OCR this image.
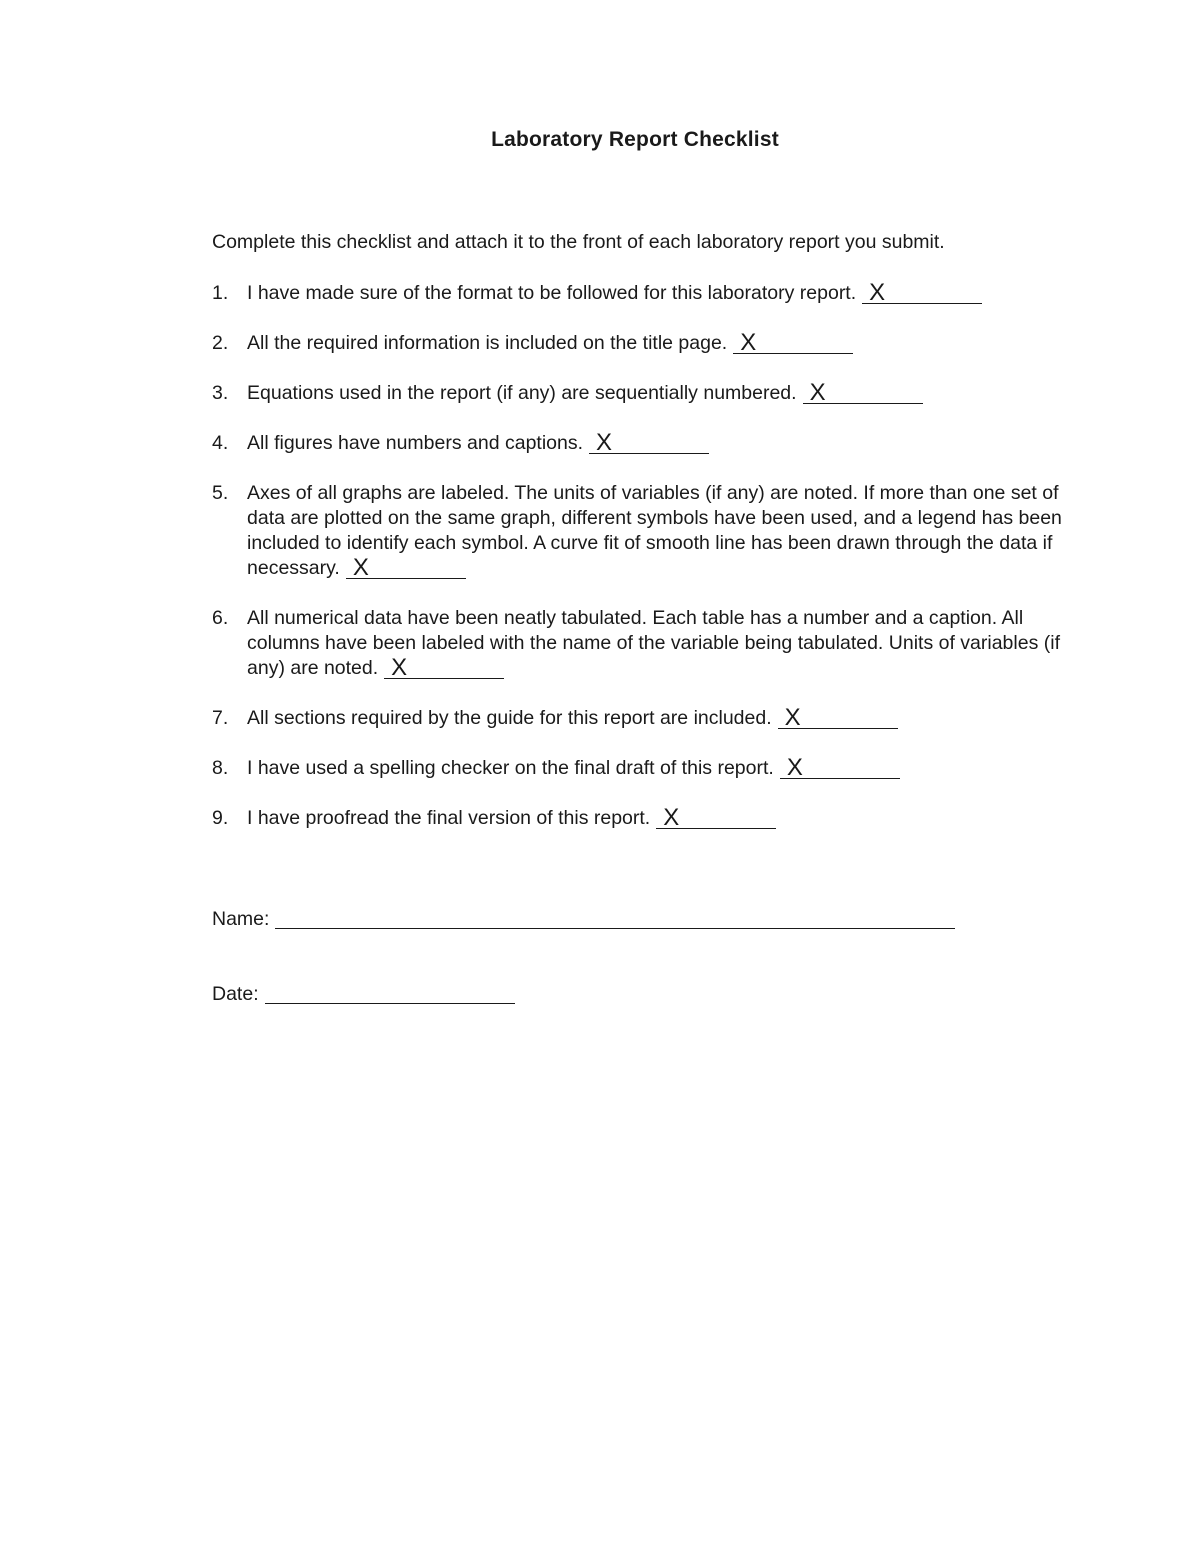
Laboratory Report Checklist
Complete this checklist and attach it to the front of each laboratory report you submit.
1. I have made sure of the format to be followed for this laboratory report. X
2. All the required information is included on the title page. X
3. Equations used in the report (if any) are sequentially numbered. X
4. All figures have numbers and captions. X
5. Axes of all graphs are labeled. The units of variables (if any) are noted. If more than one set of data are plotted on the same graph, different symbols have been used, and a legend has been included to identify each symbol. A curve fit of smooth line has been drawn through the data if necessary. X
6. All numerical data have been neatly tabulated. Each table has a number and a caption. All columns have been labeled with the name of the variable being tabulated. Units of variables (if any) are noted. X
7. All sections required by the guide for this report are included. X
8. I have used a spelling checker on the final draft of this report. X
9. I have proofread the final version of this report. X
Name:
Date:
